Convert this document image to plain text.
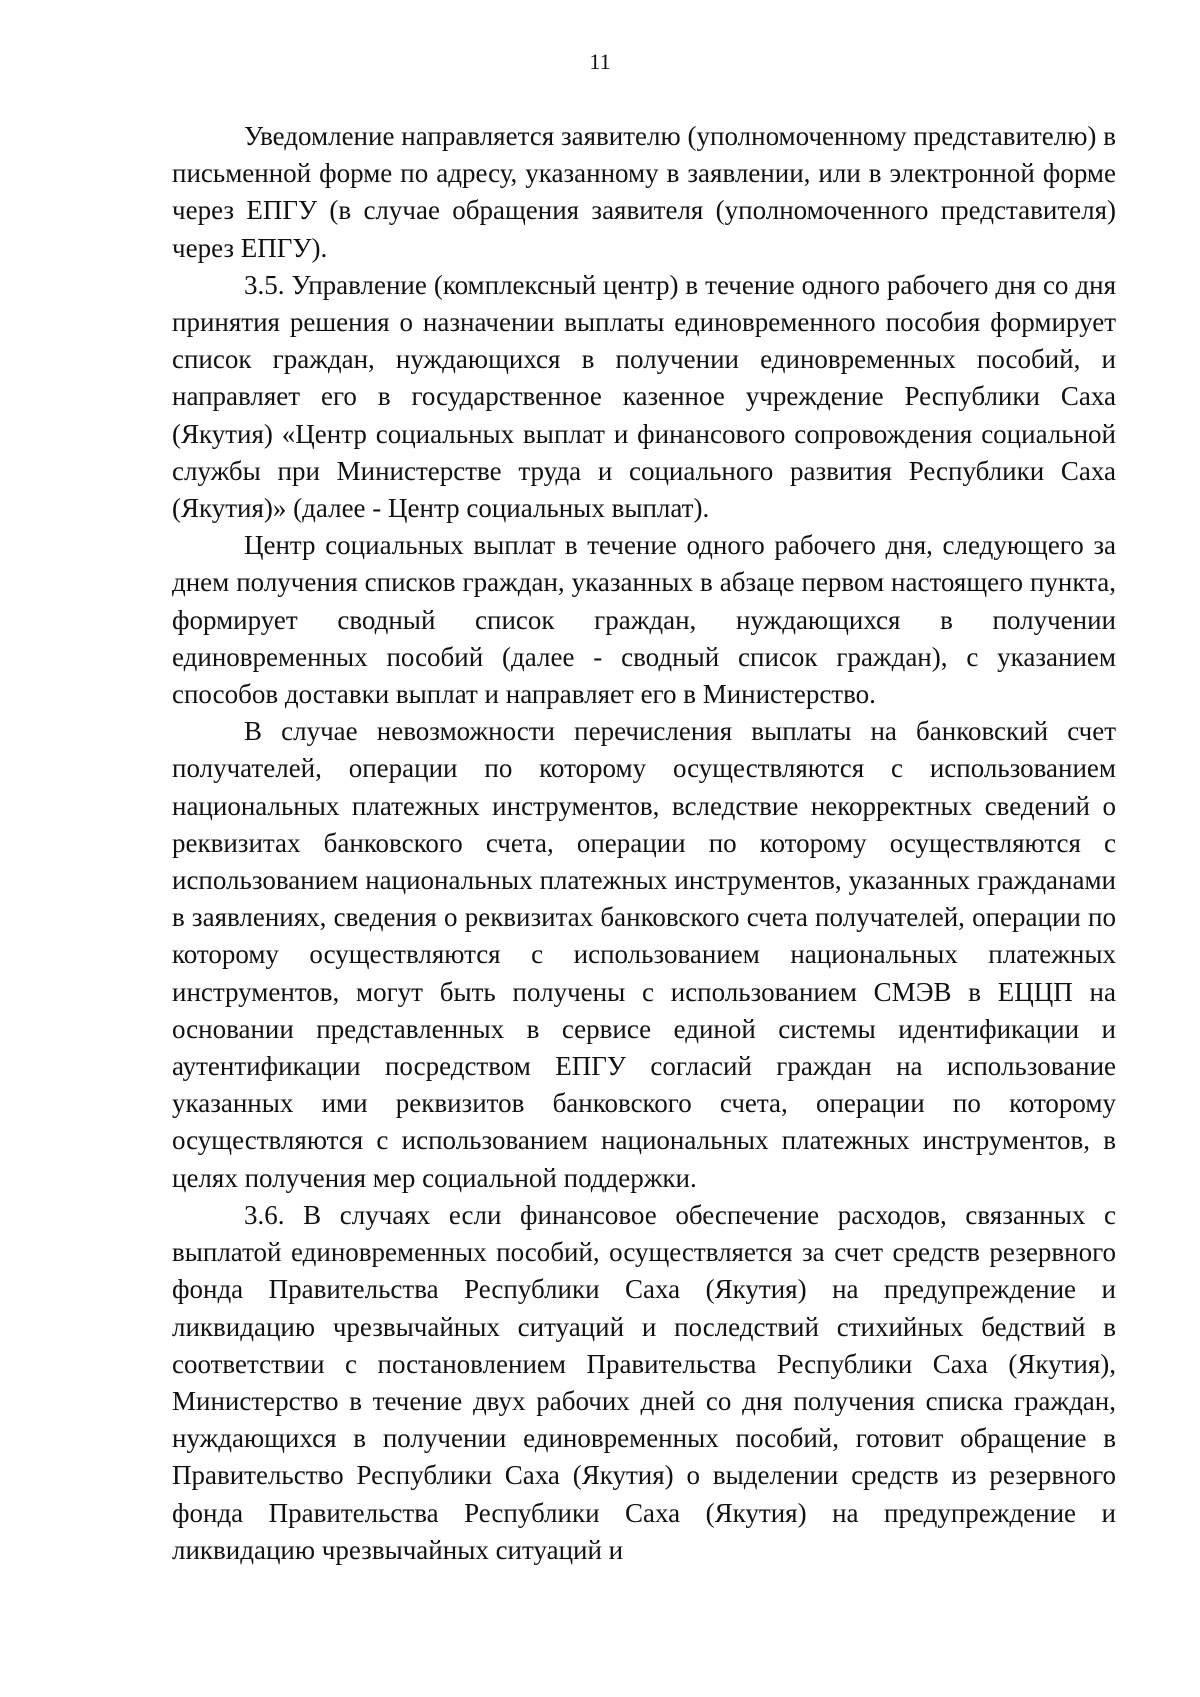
11

Уведомление направляется заявителю (уполномоченному представителю) в письменной форме по адресу, указанному в заявлении, или в электронной форме через ЕПГУ (в случае обращения заявителя (уполномоченного представителя) через ЕПГУ).

3.5. Управление (комплексный центр) в течение одного рабочего дня со дня принятия решения о назначении выплаты единовременного пособия формирует список граждан, нуждающихся в получении единовременных пособий, и направляет его в государственное казенное учреждение Республики Саха (Якутия) «Центр социальных выплат и финансового сопровождения социальной службы при Министерстве труда и социального развития Республики Саха (Якутия)» (далее - Центр социальных выплат).

Центр социальных выплат в течение одного рабочего дня, следующего за днем получения списков граждан, указанных в абзаце первом настоящего пункта, формирует сводный список граждан, нуждающихся в получении единовременных пособий (далее - сводный список граждан), с указанием способов доставки выплат и направляет его в Министерство.

В случае невозможности перечисления выплаты на банковский счет получателей, операции по которому осуществляются с использованием национальных платежных инструментов, вследствие некорректных сведений о реквизитах банковского счета, операции по которому осуществляются с использованием национальных платежных инструментов, указанных гражданами в заявлениях, сведения о реквизитах банковского счета получателей, операции по которому осуществляются с использованием национальных платежных инструментов, могут быть получены с использованием СМЭВ в ЕЦЦП на основании представленных в сервисе единой системы идентификации и аутентификации посредством ЕПГУ согласий граждан на использование указанных ими реквизитов банковского счета, операции по которому осуществляются с использованием национальных платежных инструментов, в целях получения мер социальной поддержки.

3.6. В случаях если финансовое обеспечение расходов, связанных с выплатой единовременных пособий, осуществляется за счет средств резервного фонда Правительства Республики Саха (Якутия) на предупреждение и ликвидацию чрезвычайных ситуаций и последствий стихийных бедствий в соответствии с постановлением Правительства Республики Саха (Якутия), Министерство в течение двух рабочих дней со дня получения списка граждан, нуждающихся в получении единовременных пособий, готовит обращение в Правительство Республики Саха (Якутия) о выделении средств из резервного фонда Правительства Республики Саха (Якутия) на предупреждение и ликвидацию чрезвычайных ситуаций и
